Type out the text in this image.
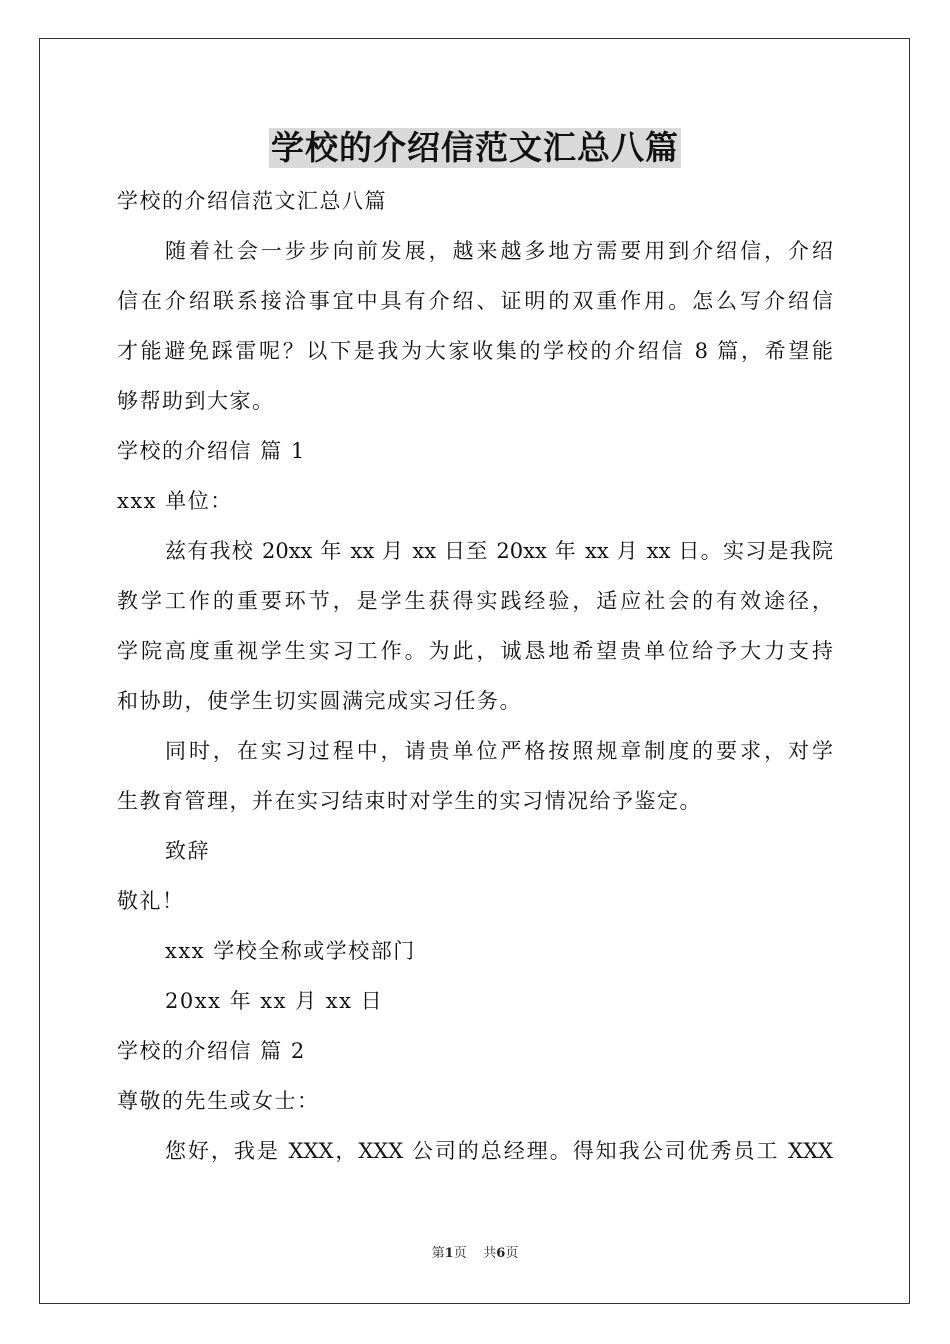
学校的介绍信范文汇总八篇
学校的介绍信范文汇总八篇
随着社会一步步向前发展，越来越多地方需要用到介绍信，介绍
信在介绍联系接洽事宜中具有介绍、证明的双重作用。怎么写介绍信
才能避免踩雷呢？以下是我为大家收集的学校的介绍信 8 篇，希望能
够帮助到大家。
学校的介绍信 篇 1
xxx 单位：
兹有我校 20xx 年 xx 月 xx 日至 20xx 年 xx 月 xx 日。实习是我院
教学工作的重要环节，是学生获得实践经验，适应社会的有效途径，
学院高度重视学生实习工作。为此，诚恳地希望贵单位给予大力支持
和协助，使学生切实圆满完成实习任务。
同时，在实习过程中，请贵单位严格按照规章制度的要求，对学
生教育管理，并在实习结束时对学生的实习情况给予鉴定。
致辞
敬礼！
xxx 学校全称或学校部门
20xx 年 xx 月 xx 日
学校的介绍信 篇 2
尊敬的先生或女士：
您好，我是 XXX，XXX 公司的总经理。得知我公司优秀员工 XXX
第1页 共6页
